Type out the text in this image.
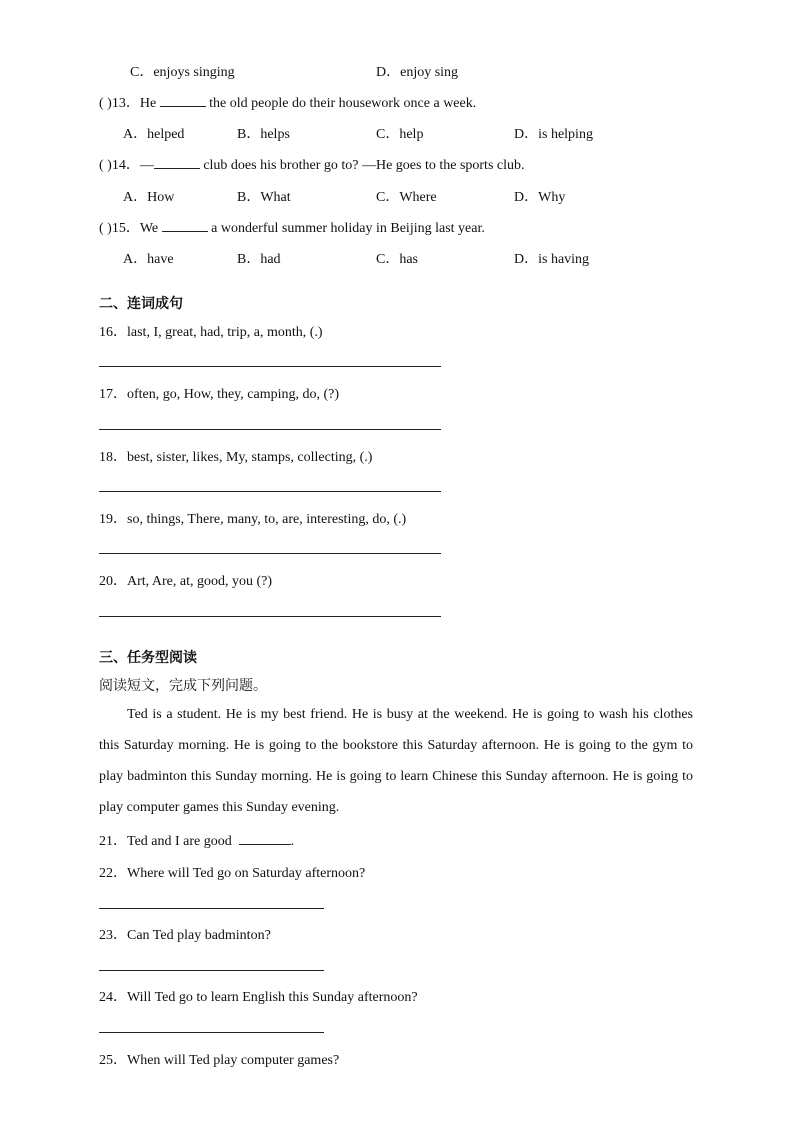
C．enjoys singing	D．enjoy sing
( )13．He	the old people do their housework once a week.
A．helped	B．helps	C．help	D．is helping
( )14．—	club does his brother go to? —He goes to the sports club.
A．How	B．What	C．Where	D．Why
( )15．We	a wonderful summer holiday in Beijing last year.
A．have	B．had	C．has	D．is having
二、连词成句
16．last, I, great, had, trip, a, month, (.)
17．often, go, How, they, camping, do, (?)
18．best, sister, likes, My, stamps, collecting, (.)
19．so, things, There, many, to, are, interesting, do, (.)
20．Art, Are, at, good, you (?)
三、任务型阅读
阅读短文，完成下列问题。
Ted is a student. He is my best friend. He is busy at the weekend. He is going to wash his clothes this Saturday morning. He is going to the bookstore this Saturday afternoon. He is going to the gym to play badminton this Sunday morning. He is going to learn Chinese this Sunday afternoon. He is going to play computer games this Sunday evening.
21．Ted and I are good	.
22．Where will Ted go on Saturday afternoon?
23．Can Ted play badminton?
24．Will Ted go to learn English this Sunday afternoon?
25．When will Ted play computer games?
